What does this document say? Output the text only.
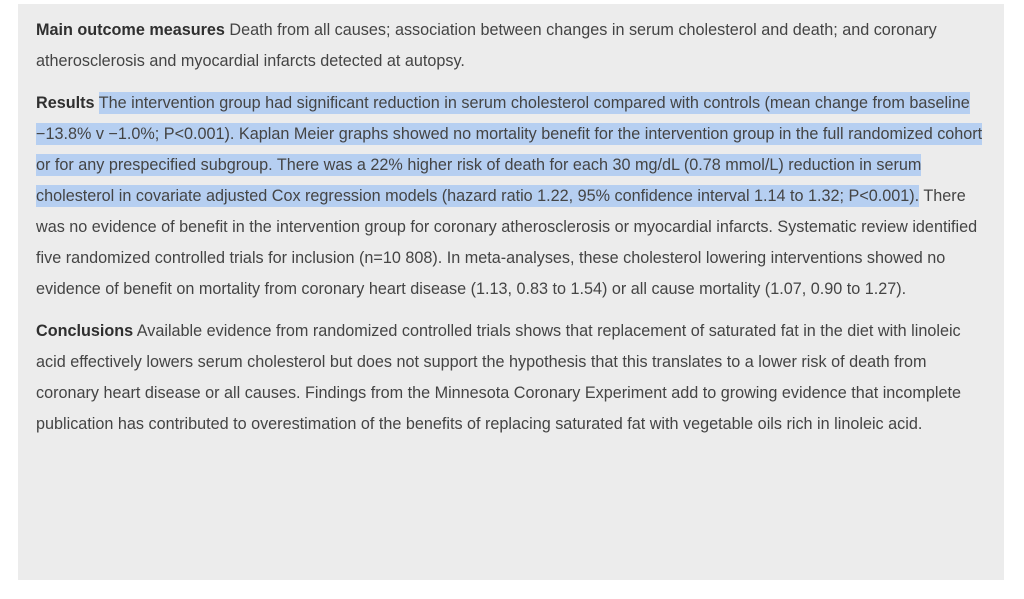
Main outcome measures Death from all causes; association between changes in serum cholesterol and death; and coronary atherosclerosis and myocardial infarcts detected at autopsy.

Results The intervention group had significant reduction in serum cholesterol compared with controls (mean change from baseline −13.8% v −1.0%; P<0.001). Kaplan Meier graphs showed no mortality benefit for the intervention group in the full randomized cohort or for any prespecified subgroup. There was a 22% higher risk of death for each 30 mg/dL (0.78 mmol/L) reduction in serum cholesterol in covariate adjusted Cox regression models (hazard ratio 1.22, 95% confidence interval 1.14 to 1.32; P<0.001). There was no evidence of benefit in the intervention group for coronary atherosclerosis or myocardial infarcts. Systematic review identified five randomized controlled trials for inclusion (n=10 808). In meta-analyses, these cholesterol lowering interventions showed no evidence of benefit on mortality from coronary heart disease (1.13, 0.83 to 1.54) or all cause mortality (1.07, 0.90 to 1.27).

Conclusions Available evidence from randomized controlled trials shows that replacement of saturated fat in the diet with linoleic acid effectively lowers serum cholesterol but does not support the hypothesis that this translates to a lower risk of death from coronary heart disease or all causes. Findings from the Minnesota Coronary Experiment add to growing evidence that incomplete publication has contributed to overestimation of the benefits of replacing saturated fat with vegetable oils rich in linoleic acid.
